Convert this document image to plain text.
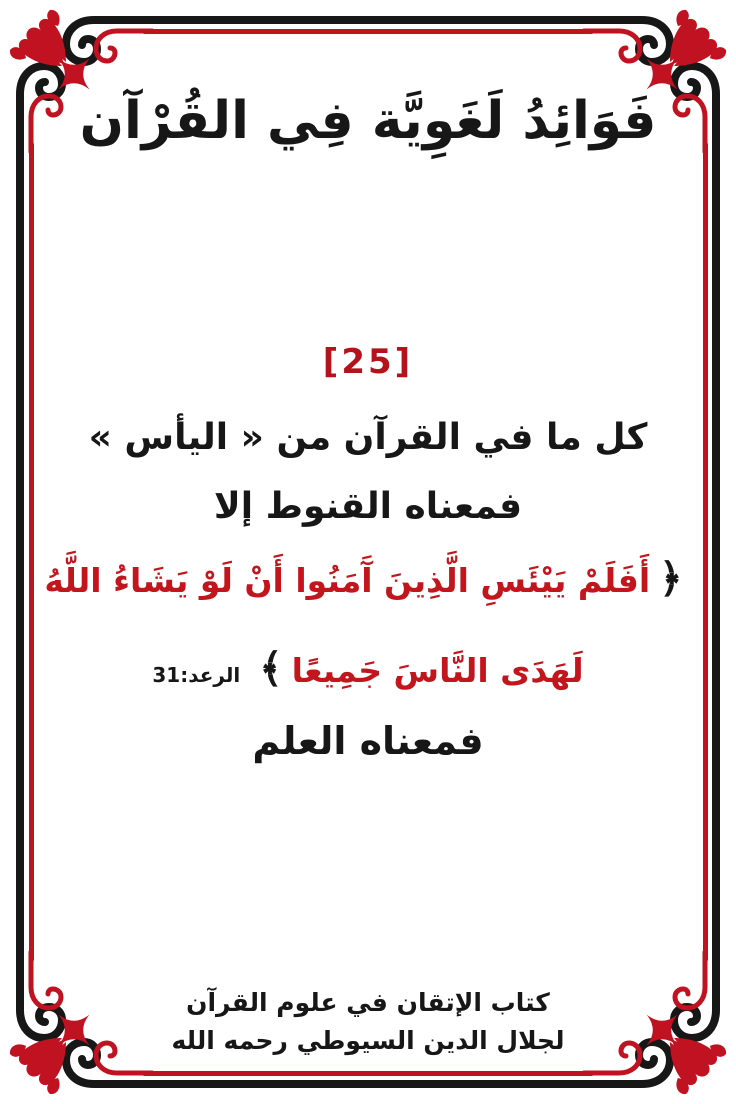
فَوَائِدُ لَغَوِيَّة فِي القُرْآن
[25]
كل ما في القرآن من « اليأس »
فمعناه القنوط إلا
﴿أَفَلَمْ يَيْئَسِ الَّذِينَ آَمَنُوا أَنْ لَوْ يَشَاءُ اللَّهُ
لَهَدَى النَّاسَ جَمِيعًا﴾الرعد:31
فمعناه العلم
كتاب الإتقان في علوم القرآن
لجلال الدين السيوطي رحمه الله
